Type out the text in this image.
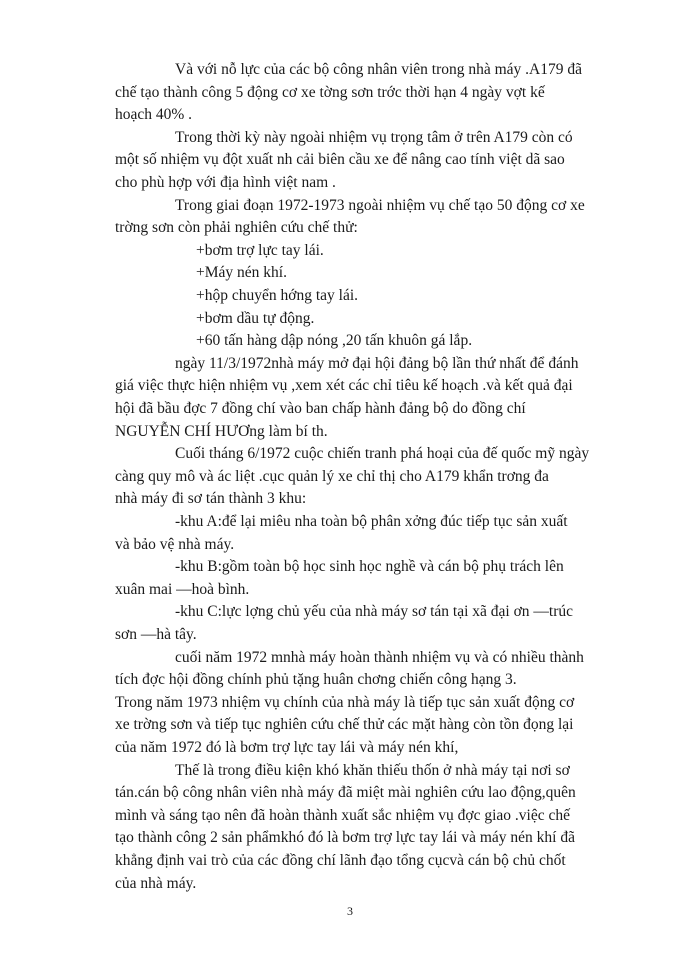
Và với nỗ lực của các bộ công nhân viên trong nhà máy .A179 đã
chế tạo thành công 5 động cơ xe tờng sơn trớc thời hạn 4 ngày vợt kế
hoạch 40% .
Trong thời kỳ này ngoài nhiệm vụ trọng tâm ở trên A179 còn có
một số nhiệm vụ đột xuất nh cải biên cầu xe để nâng cao tính việt dã sao
cho phù hợp với địa hình việt nam .
Trong giai đoạn 1972-1973 ngoài nhiệm vụ chế tạo 50 động cơ xe
trờng sơn còn phải nghiên cứu chế thử:
+bơm trợ lực tay lái.
+Máy nén khí.
+hộp chuyển hớng tay lái.
+bơm dầu tự động.
+60 tấn hàng dập nóng ,20 tấn khuôn gá lắp.
ngày 11/3/1972nhà máy mở đại hội đảng bộ lần thứ nhất để đánh
giá việc thực hiện nhiệm vụ ,xem xét các chỉ tiêu kế hoạch .và kết quả đại
hội đã bầu đợc 7 đồng chí vào ban chấp hành đảng bộ do đồng chí
NGUYỄN CHÍ HƯƠng làm bí th.
Cuối tháng 6/1972 cuộc chiến tranh phá hoại của đế quốc mỹ ngày
càng quy mô và ác liệt .cục quản lý xe chỉ thị cho A179 khẩn trơng đa
nhà máy đi sơ tán thành 3 khu:
-khu A:để lại miêu nha toàn bộ phân xởng đúc tiếp tục sản xuất
và bảo vệ nhà máy.
-khu B:gồm toàn bộ học sinh học nghề và cán bộ phụ trách lên
xuân mai —hoà bình.
-khu C:lực lợng chủ yếu của nhà máy sơ tán tại xã đại ơn —trúc
sơn —hà tây.
cuối năm 1972 mnhà máy hoàn thành nhiệm vụ và có nhiều thành
tích đợc hội đồng chính phủ tặng huân chơng chiến công hạng 3.
Trong năm 1973 nhiệm vụ chính của nhà máy là tiếp tục sản xuất động cơ
xe trờng sơn và tiếp tục nghiên cứu chế thử các mặt hàng còn tồn đọng lại
của năm 1972 đó là bơm trợ lực tay lái và máy nén khí,
Thế là trong điều kiện khó khăn thiếu thốn ở nhà máy tại nơi sơ
tán.cán bộ công nhân viên nhà máy đã miệt mài nghiên cứu lao động,quên
mình và sáng tạo nên đã hoàn thành xuất sắc nhiệm vụ đợc giao .việc chế
tạo thành công 2 sản phẩmkhó đó là bơm trợ lực tay lái và máy nén khí đã
khẳng định vai trò của các đồng chí lãnh đạo tổng cụcvà cán bộ chủ chốt
của nhà máy.
3
